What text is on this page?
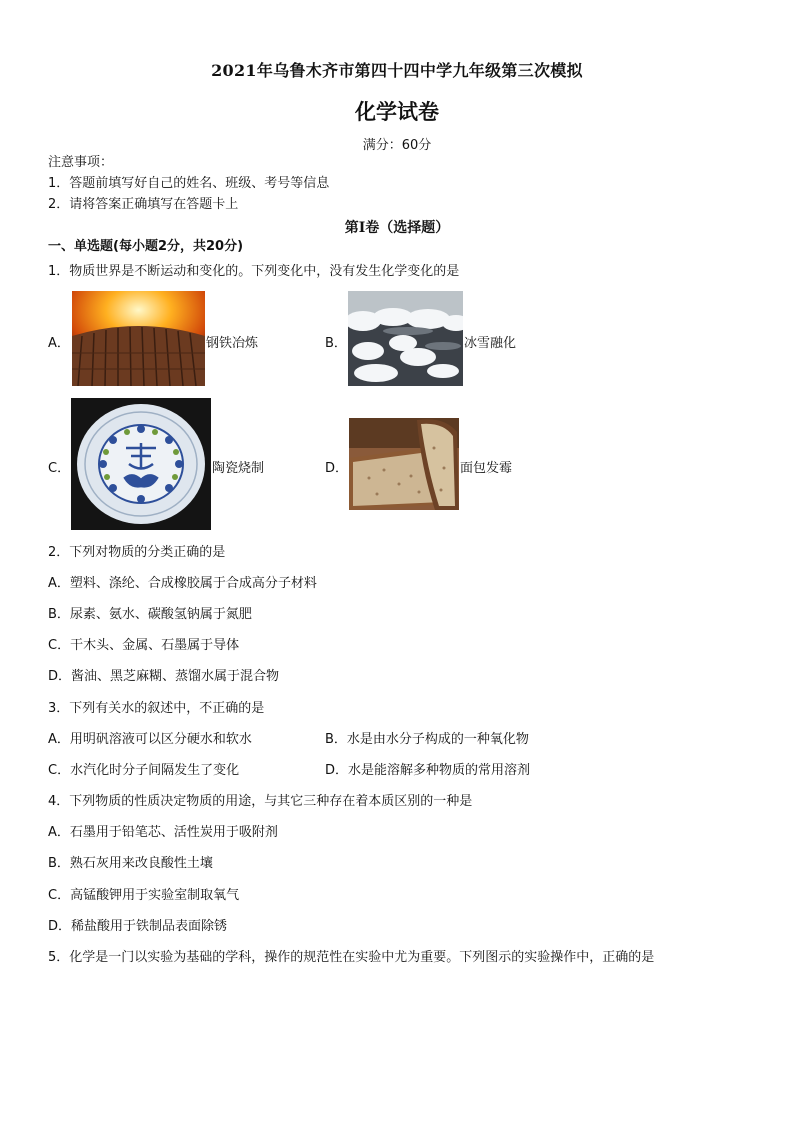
2021年乌鲁木齐市第四十四中学九年级第三次模拟
化学试卷
满分：60分
注意事项：
1．答题前填写好自己的姓名、班级、考号等信息
2．请将答案正确填写在答题卡上
第I卷（选择题）
一、单选题(每小题2分，共20分)
1．物质世界是不断运动和变化的。下列变化中，没有发生化学变化的是
A．	钢铁冶炼	B．	冰雪融化
C．	陶瓷烧制	D．	面包发霉
2．下列对物质的分类正确的是
A．塑料、涤纶、合成橡胶属于合成高分子材料
B．尿素、氨水、碳酸氢钠属于氮肥
C．干木头、金属、石墨属于导体
D．酱油、黑芝麻糊、蒸馏水属于混合物
3．下列有关水的叙述中，不正确的是
A．用明矾溶液可以区分硬水和软水	B．水是由水分子构成的一种氧化物
C．水汽化时分子间隔发生了变化	D．水是能溶解多种物质的常用溶剂
4．下列物质的性质决定物质的用途，与其它三种存在着本质区别的一种是
A．石墨用于铅笔芯、活性炭用于吸附剂
B．熟石灰用来改良酸性土壤
C．高锰酸钾用于实验室制取氧气
D．稀盐酸用于铁制品表面除锈
5．化学是一门以实验为基础的学科，操作的规范性在实验中尤为重要。下列图示的实验操作中，正确的是
